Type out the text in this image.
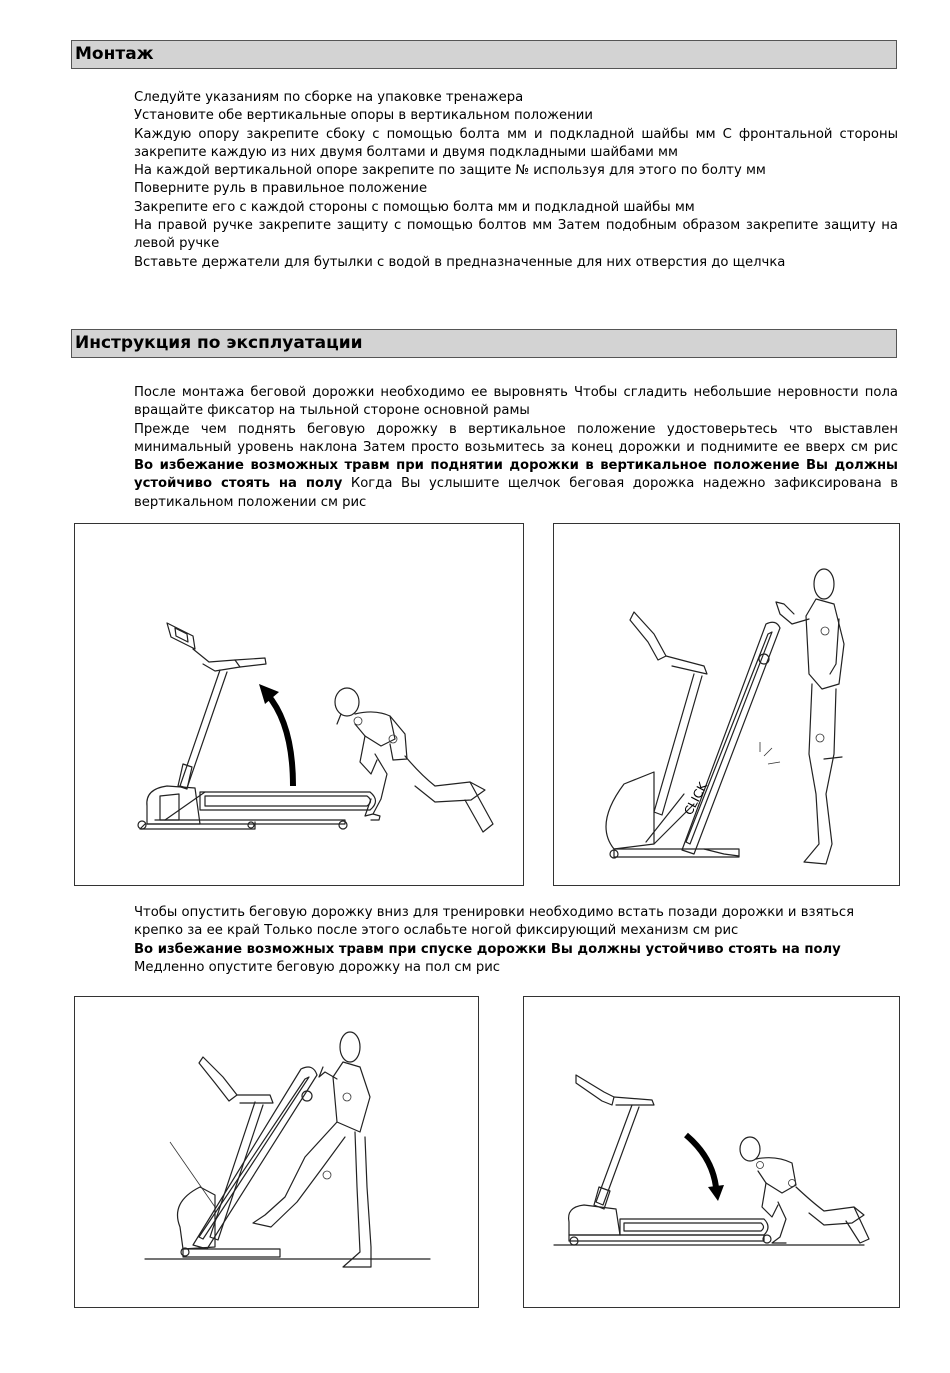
Монтаж

Следуйте указаниям по сборке на упаковке тренажера

Установите обе вертикальные опоры в вертикальном положении

Каждую опору закрепите сбоку с помощью болта мм и подкладной шайбы мм С фронтальной стороны закрепите каждую из них двумя болтами и двумя подкладными шайбами мм

На каждой вертикальной опоре закрепите по защите № используя для этого по болту мм

Поверните руль в правильное положение

Закрепите его с каждой стороны с помощью болта мм и подкладной шайбы мм

На правой ручке закрепите защиту с помощью болтов мм Затем подобным образом закрепите защиту на левой ручке

Вставьте держатели для бутылки с водой в предназначенные для них отверстия до щелчка

Инструкция по эксплуатации

После монтажа беговой дорожки необходимо ее выровнять Чтобы сгладить небольшие неровности пола вращайте фиксатор на тыльной стороне основной рамы

Прежде чем поднять беговую дорожку в вертикальное положение удостоверьтесь что выставлен минимальный уровень наклона Затем просто возьмитесь за конец дорожки и поднимите ее вверх см рис Во избежание возможных травм при поднятии дорожки в вертикальное положение Вы должны устойчиво стоять на полу Когда Вы услышите щелчок беговая дорожка надежно зафиксирована в вертикальном положении см рис

CLICK

Чтобы опустить беговую дорожку вниз для тренировки необходимо встать позади дорожки и взяться крепко за ее край Только после этого ослабьте ногой фиксирующий механизм см рис

Во избежание возможных травм при спуске дорожки Вы должны устойчиво стоять на полу

Медленно опустите беговую дорожку на пол см рис
